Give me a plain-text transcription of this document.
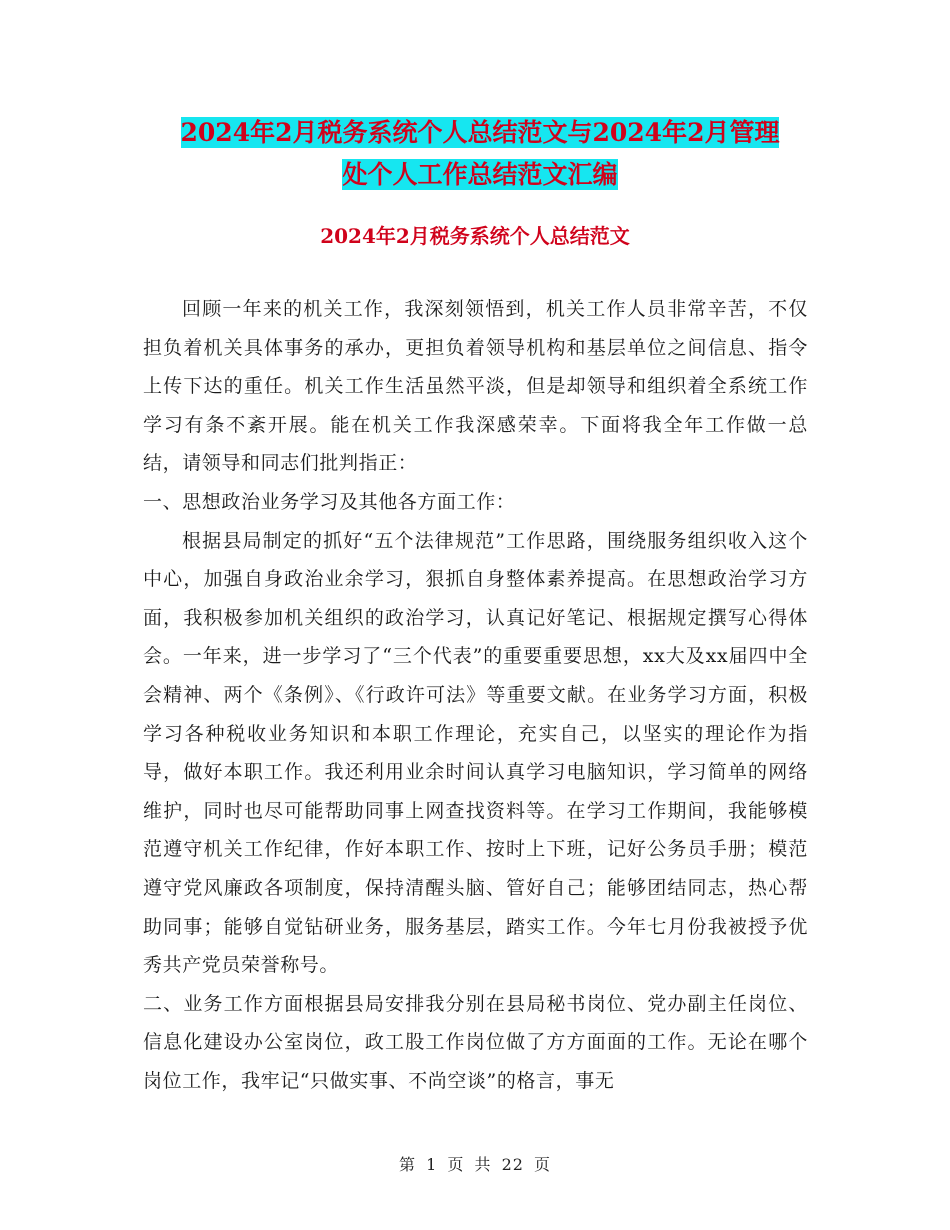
2024年2月税务系统个人总结范文与2024年2月管理
处个人工作总结范文汇编
2024年2月税务系统个人总结范文

回顾一年来的机关工作，我深刻领悟到，机关工作人员非常辛苦，不仅担负着机关具体事务的承办，更担负着领导机构和基层单位之间信息、指令上传下达的重任。机关工作生活虽然平淡，但是却领导和组织着全系统工作学习有条不紊开展。能在机关工作我深感荣幸。下面将我全年工作做一总结，请领导和同志们批判指正：

一、思想政治业务学习及其他各方面工作：

根据县局制定的抓好“五个法律规范”工作思路，围绕服务组织收入这个中心，加强自身政治业余学习，狠抓自身整体素养提高。在思想政治学习方面，我积极参加机关组织的政治学习，认真记好笔记、根据规定撰写心得体会。一年来，进一步学习了“三个代表”的重要重要思想，xx大及xx届四中全会精神、两个《条例》、《行政许可法》等重要文献。在业务学习方面，积极学习各种税收业务知识和本职工作理论，充实自己，以坚实的理论作为指导，做好本职工作。我还利用业余时间认真学习电脑知识，学习简单的网络维护，同时也尽可能帮助同事上网查找资料等。在学习工作期间，我能够模范遵守机关工作纪律，作好本职工作、按时上下班，记好公务员手册；模范遵守党风廉政各项制度，保持清醒头脑、管好自己；能够团结同志，热心帮助同事；能够自觉钻研业务，服务基层，踏实工作。今年七月份我被授予优秀共产党员荣誉称号。

二、业务工作方面根据县局安排我分别在县局秘书岗位、党办副主任岗位、信息化建设办公室岗位，政工股工作岗位做了方方面面的工作。无论在哪个岗位工作，我牢记“只做实事、不尚空谈”的格言，事无

第 1 页 共 22 页
